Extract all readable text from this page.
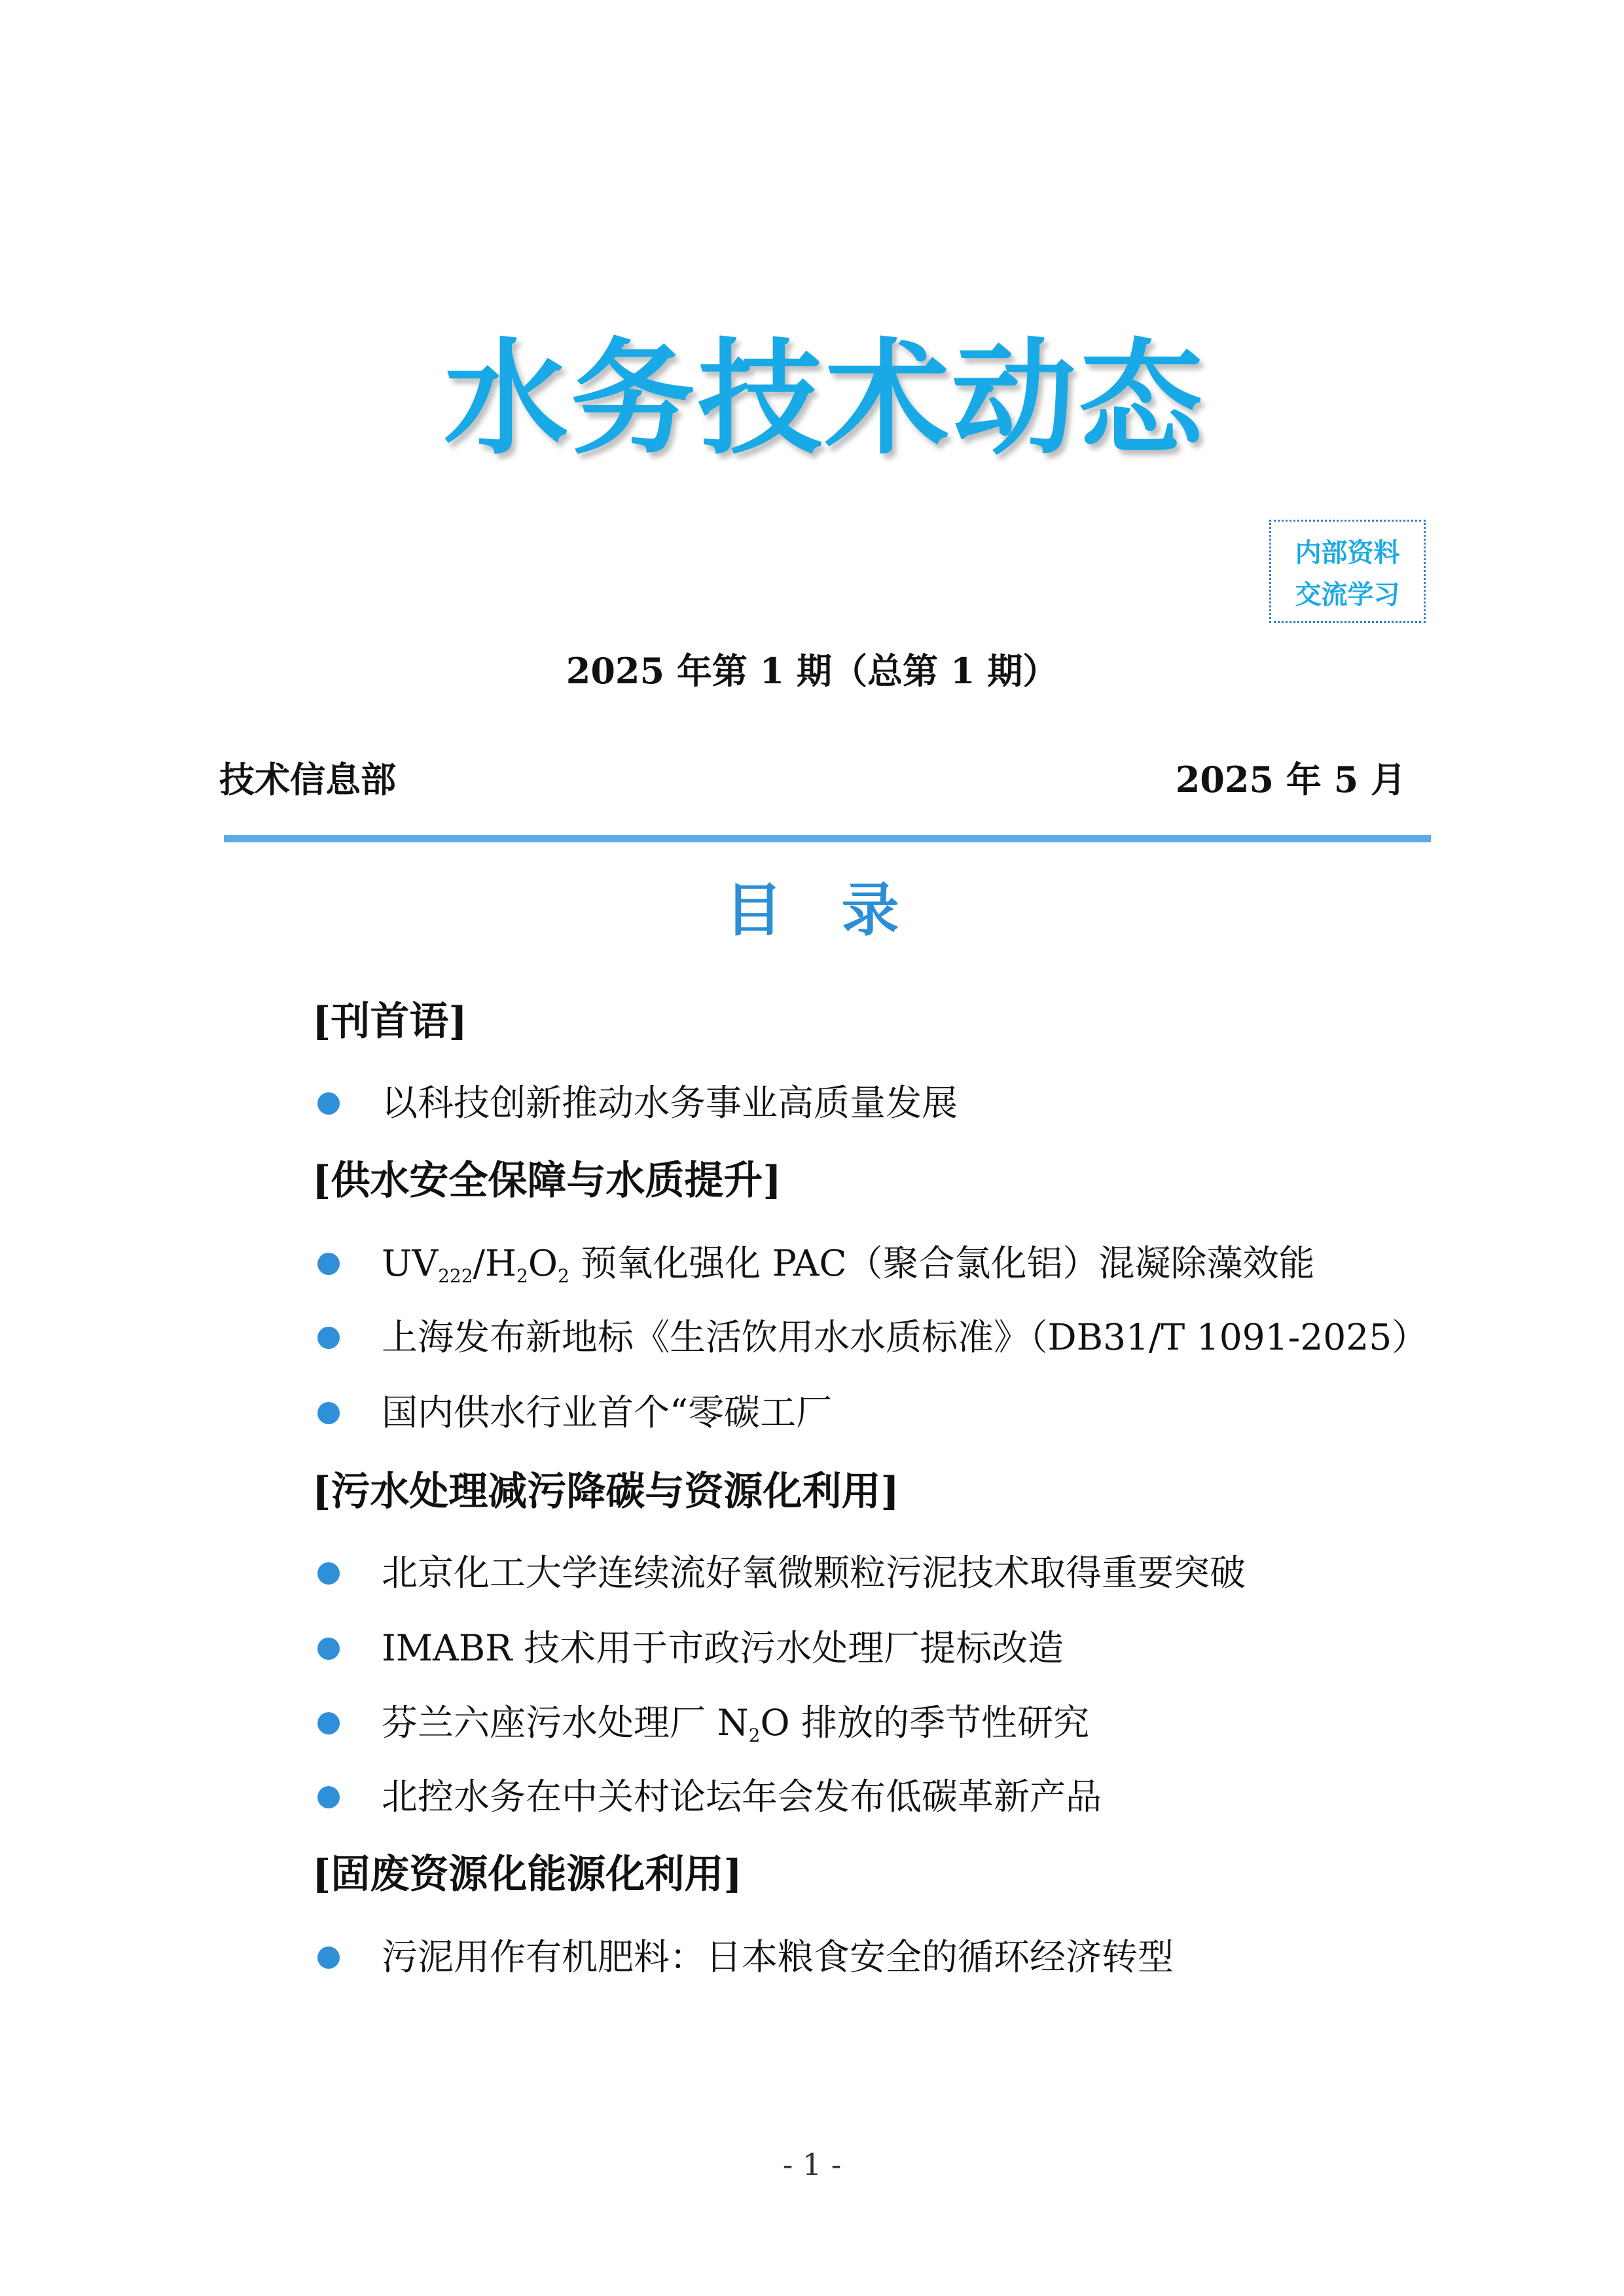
水务技术动态
内部资料
交流学习
2025 年第 1 期（总第 1 期）
技术信息部	2025 年 5 月
目录
[刊首语]
以科技创新推动水务事业高质量发展
[供水安全保障与水质提升]
$UV_{222}/H_2O_2$ 预氧化强化 PAC（聚合氯化铝）混凝除藻效能
上海发布新地标《生活饮用水水质标准》（DB31/T 1091-2025）
国内供水行业首个“零碳工厂
[污水处理减污降碳与资源化利用]
北京化工大学连续流好氧微颗粒污泥技术取得重要突破
IMABR 技术用于市政污水处理厂提标改造
芬兰六座污水处理厂 $N_2O$ 排放的季节性研究
北控水务在中关村论坛年会发布低碳革新产品
[固废资源化能源化利用]
污泥用作有机肥料：日本粮食安全的循环经济转型
- 1 -
